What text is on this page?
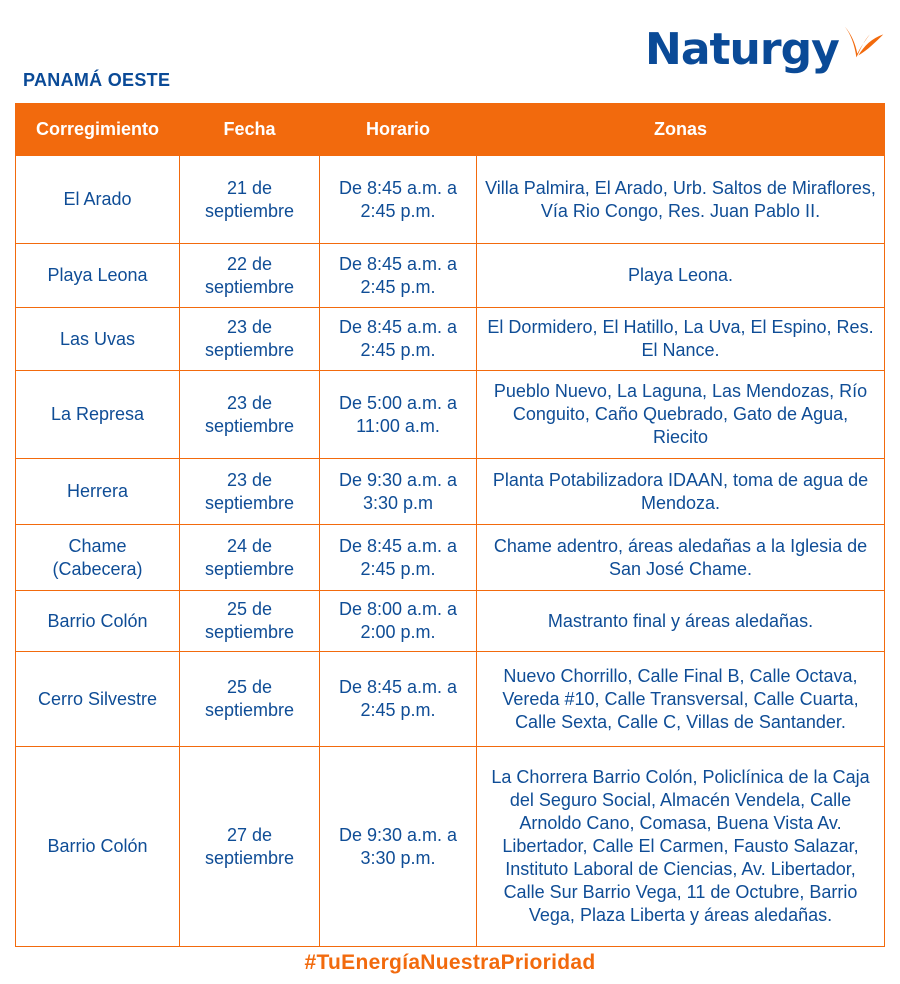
Naturgy
PANAMÁ OESTE
Corregimiento	Fecha	Horario	Zonas
El Arado	21 de septiembre	De 8:45 a.m. a 2:45 p.m.	Villa Palmira, El Arado, Urb. Saltos de Miraflores, Vía Rio Congo, Res. Juan Pablo II.
Playa Leona	22 de septiembre	De 8:45 a.m. a 2:45 p.m.	Playa Leona.
Las Uvas	23 de septiembre	De 8:45 a.m. a 2:45 p.m.	El Dormidero, El Hatillo, La Uva, El Espino, Res. El Nance.
La Represa	23 de septiembre	De 5:00 a.m. a 11:00 a.m.	Pueblo Nuevo, La Laguna, Las Mendozas, Río Conguito, Caño Quebrado, Gato de Agua, Riecito
Herrera	23 de septiembre	De 9:30 a.m. a 3:30 p.m	Planta Potabilizadora IDAAN, toma de agua de Mendoza.
Chame (Cabecera)	24 de septiembre	De 8:45 a.m. a 2:45 p.m.	Chame adentro, áreas aledañas a la Iglesia de San José Chame.
Barrio Colón	25 de septiembre	De 8:00 a.m. a 2:00 p.m.	Mastranto final y áreas aledañas.
Cerro Silvestre	25 de septiembre	De 8:45 a.m. a 2:45 p.m.	Nuevo Chorrillo, Calle Final B, Calle Octava, Vereda #10, Calle Transversal, Calle Cuarta, Calle Sexta, Calle C, Villas de Santander.
Barrio Colón	27 de septiembre	De 9:30 a.m. a 3:30 p.m.	La Chorrera Barrio Colón, Policlínica de la Caja del Seguro Social, Almacén Vendela, Calle Arnoldo Cano, Comasa, Buena Vista Av. Libertador, Calle El Carmen, Fausto Salazar, Instituto Laboral de Ciencias, Av. Libertador, Calle Sur Barrio Vega, 11 de Octubre, Barrio Vega, Plaza Liberta y áreas aledañas.
#TuEnergíaNuestraPrioridad
